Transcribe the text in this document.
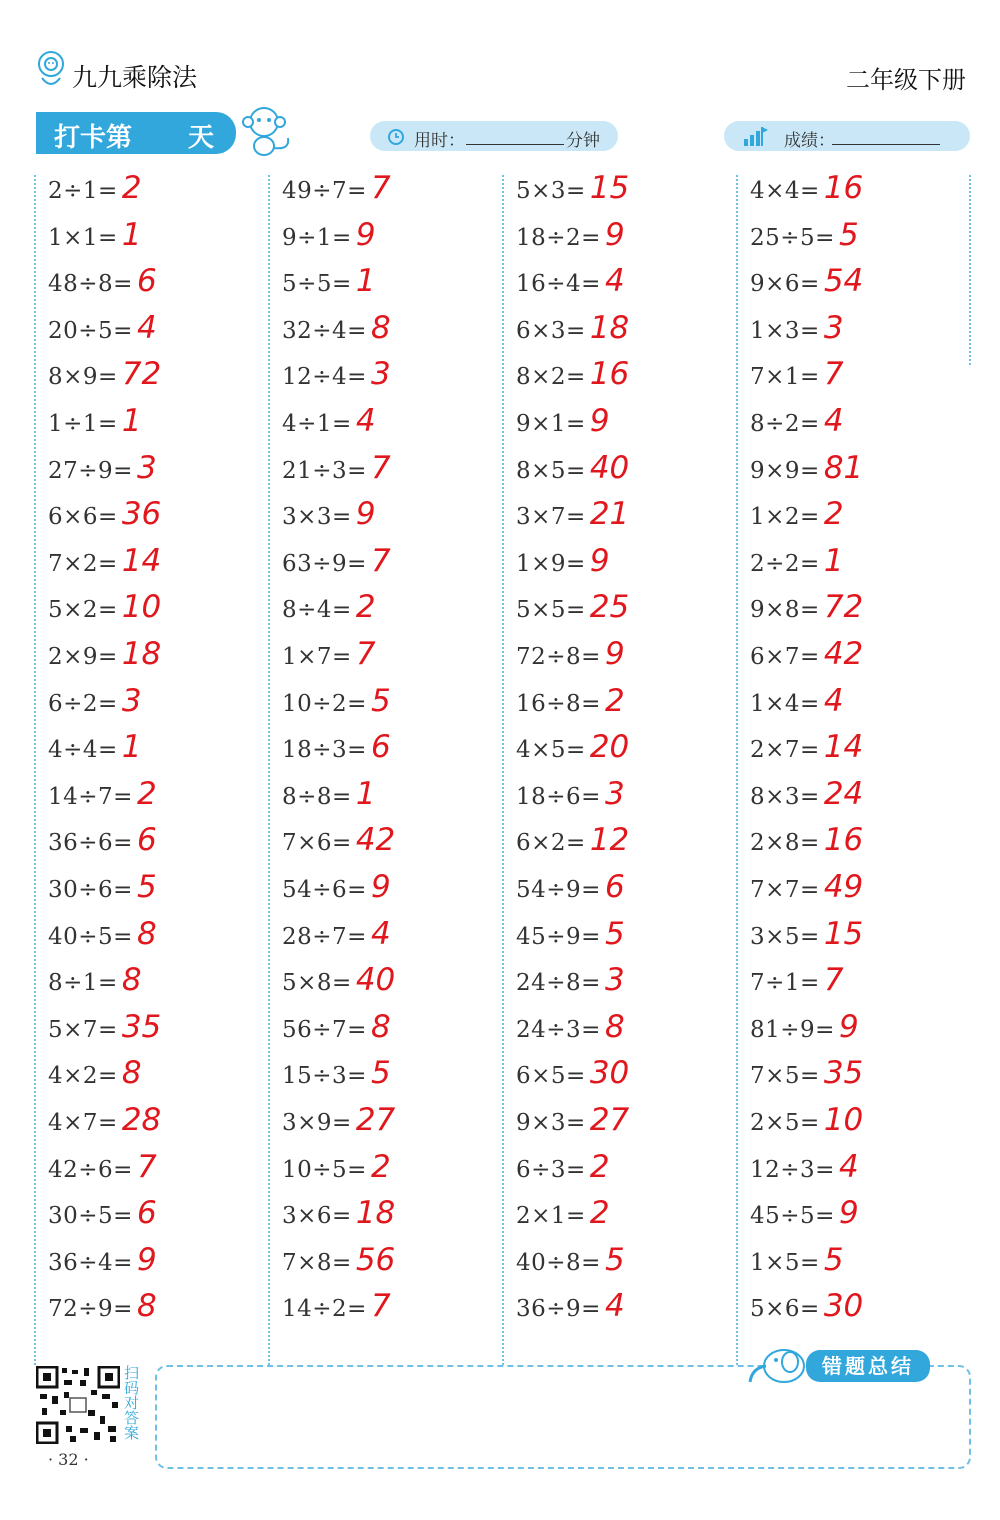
九九乘除法	二年级下册
打卡第 天	用时：	分钟	成绩：
2÷1= 2
1×1= 1
48÷8= 6
20÷5= 4
8×9= 72
1÷1= 1
27÷9= 3
6×6= 36
7×2= 14
5×2= 10
2×9= 18
6÷2= 3
4÷4= 1
14÷7= 2
36÷6= 6
30÷6= 5
40÷5= 8
8÷1= 8
5×7= 35
4×2= 8
4×7= 28
42÷6= 7
30÷5= 6
36÷4= 9
72÷9= 8
49÷7= 7
9÷1= 9
5÷5= 1
32÷4= 8
12÷4= 3
4÷1= 4
21÷3= 7
3×3= 9
63÷9= 7
8÷4= 2
1×7= 7
10÷2= 5
18÷3= 6
8÷8= 1
7×6= 42
54÷6= 9
28÷7= 4
5×8= 40
56÷7= 8
15÷3= 5
3×9= 27
10÷5= 2
3×6= 18
7×8= 56
14÷2= 7
5×3= 15
18÷2= 9
16÷4= 4
6×3= 18
8×2= 16
9×1= 9
8×5= 40
3×7= 21
1×9= 9
5×5= 25
72÷8= 9
16÷8= 2
4×5= 20
18÷6= 3
6×2= 12
54÷9= 6
45÷9= 5
24÷8= 3
24÷3= 8
6×5= 30
9×3= 27
6÷3= 2
2×1= 2
40÷8= 5
36÷9= 4
4×4= 16
25÷5= 5
9×6= 54
1×3= 3
7×1= 7
8÷2= 4
9×9= 81
1×2= 2
2÷2= 1
9×8= 72
6×7= 42
1×4= 4
2×7= 14
8×3= 24
2×8= 16
7×7= 49
3×5= 15
7÷1= 7
81÷9= 9
7×5= 35
2×5= 10
12÷3= 4
45÷5= 9
1×5= 5
5×6= 30
错题总结
扫码对答案
· 32 ·
